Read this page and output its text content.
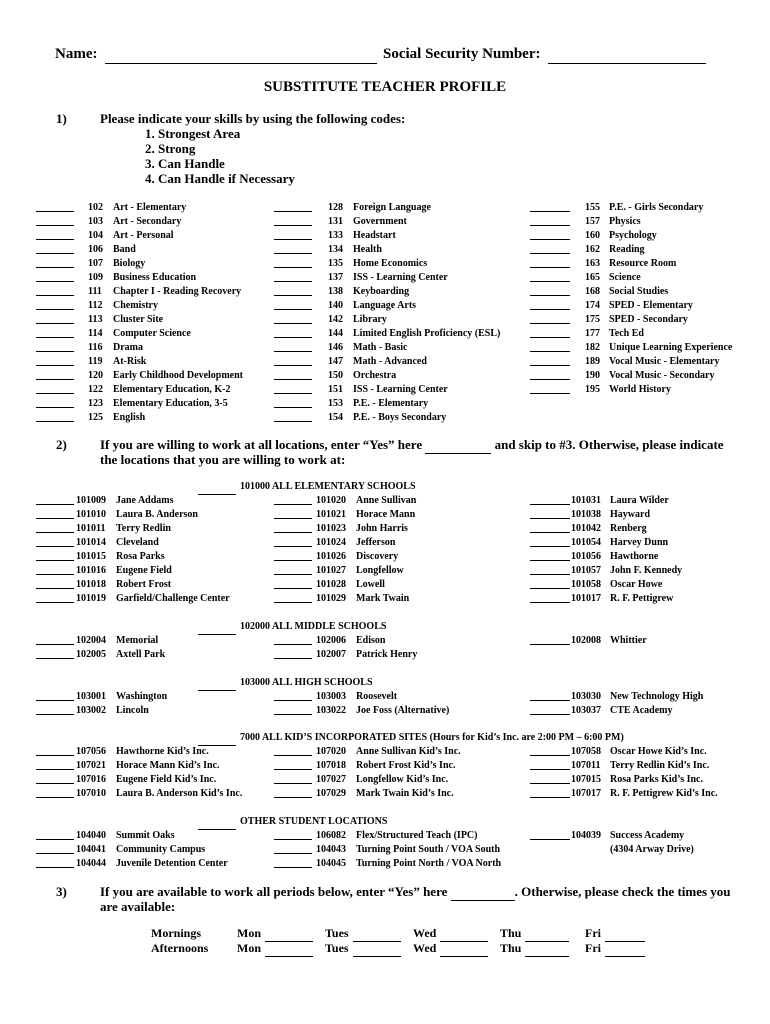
Name:	Social Security Number:
SUBSTITUTE TEACHER PROFILE
1)	Please indicate your skills by using the following codes:
1. Strongest Area
2. Strong
3. Can Handle
4. Can Handle if Necessary
102 Art - Elementary
103 Art - Secondary
104 Art - Personal
106 Band
107 Biology
109 Business Education
111 Chapter I - Reading Recovery
112 Chemistry
113 Cluster Site
114 Computer Science
116 Drama
119 At-Risk
120 Early Childhood Development
122 Elementary Education, K-2
123 Elementary Education, 3-5
125 English
128 Foreign Language
131 Government
133 Headstart
134 Health
135 Home Economics
137 ISS - Learning Center
138 Keyboarding
140 Language Arts
142 Library
144 Limited English Proficiency (ESL)
146 Math - Basic
147 Math - Advanced
150 Orchestra
151 ISS - Learning Center
153 P.E. - Elementary
154 P.E. - Boys Secondary
155 P.E. - Girls Secondary
157 Physics
160 Psychology
162 Reading
163 Resource Room
165 Science
168 Social Studies
174 SPED - Elementary
175 SPED - Secondary
177 Tech Ed
182 Unique Learning Experience
189 Vocal Music - Elementary
190 Vocal Music - Secondary
195 World History
2)	If you are willing to work at all locations, enter “Yes” here	and skip to #3. Otherwise, please indicate
the locations that you are willing to work at:
101000 ALL ELEMENTARY SCHOOLS
101009 Jane Addams
101010 Laura B. Anderson
101011 Terry Redlin
101014 Cleveland
101015 Rosa Parks
101016 Eugene Field
101018 Robert Frost
101019 Garfield/Challenge Center
101020 Anne Sullivan
101021 Horace Mann
101023 John Harris
101024 Jefferson
101026 Discovery
101027 Longfellow
101028 Lowell
101029 Mark Twain
101031 Laura Wilder
101038 Hayward
101042 Renberg
101054 Harvey Dunn
101056 Hawthorne
101057 John F. Kennedy
101058 Oscar Howe
101017 R. F. Pettigrew
102000 ALL MIDDLE SCHOOLS
102004 Memorial
102005 Axtell Park
102006 Edison
102007 Patrick Henry
102008 Whittier
103000 ALL HIGH SCHOOLS
103001 Washington
103002 Lincoln
103003 Roosevelt
103022 Joe Foss (Alternative)
103030 New Technology High
103037 CTE Academy
7000 ALL KID’S INCORPORATED SITES (Hours for Kid’s Inc. are 2:00 PM – 6:00 PM)
107056 Hawthorne Kid’s Inc.
107021 Horace Mann Kid’s Inc.
107016 Eugene Field Kid’s Inc.
107010 Laura B. Anderson Kid’s Inc.
107020 Anne Sullivan Kid’s Inc.
107018 Robert Frost Kid’s Inc.
107027 Longfellow Kid’s Inc.
107029 Mark Twain Kid’s Inc.
107058 Oscar Howe Kid’s Inc.
107011 Terry Redlin Kid’s Inc.
107015 Rosa Parks Kid’s Inc.
107017 R. F. Pettigrew Kid’s Inc.
OTHER STUDENT LOCATIONS
104040 Summit Oaks
104041 Community Campus
104044 Juvenile Detention Center
106082 Flex/Structured Teach (IPC)
104043 Turning Point South / VOA South
104045 Turning Point North / VOA North
104039 Success Academy
(4304 Arway Drive)
3)	If you are available to work all periods below, enter “Yes” here	. Otherwise, please check the times you
are available:
Mornings	Mon	Tues	Wed	Thu	Fri
Afternoons Mon	Tues	Wed	Thu	Fri
